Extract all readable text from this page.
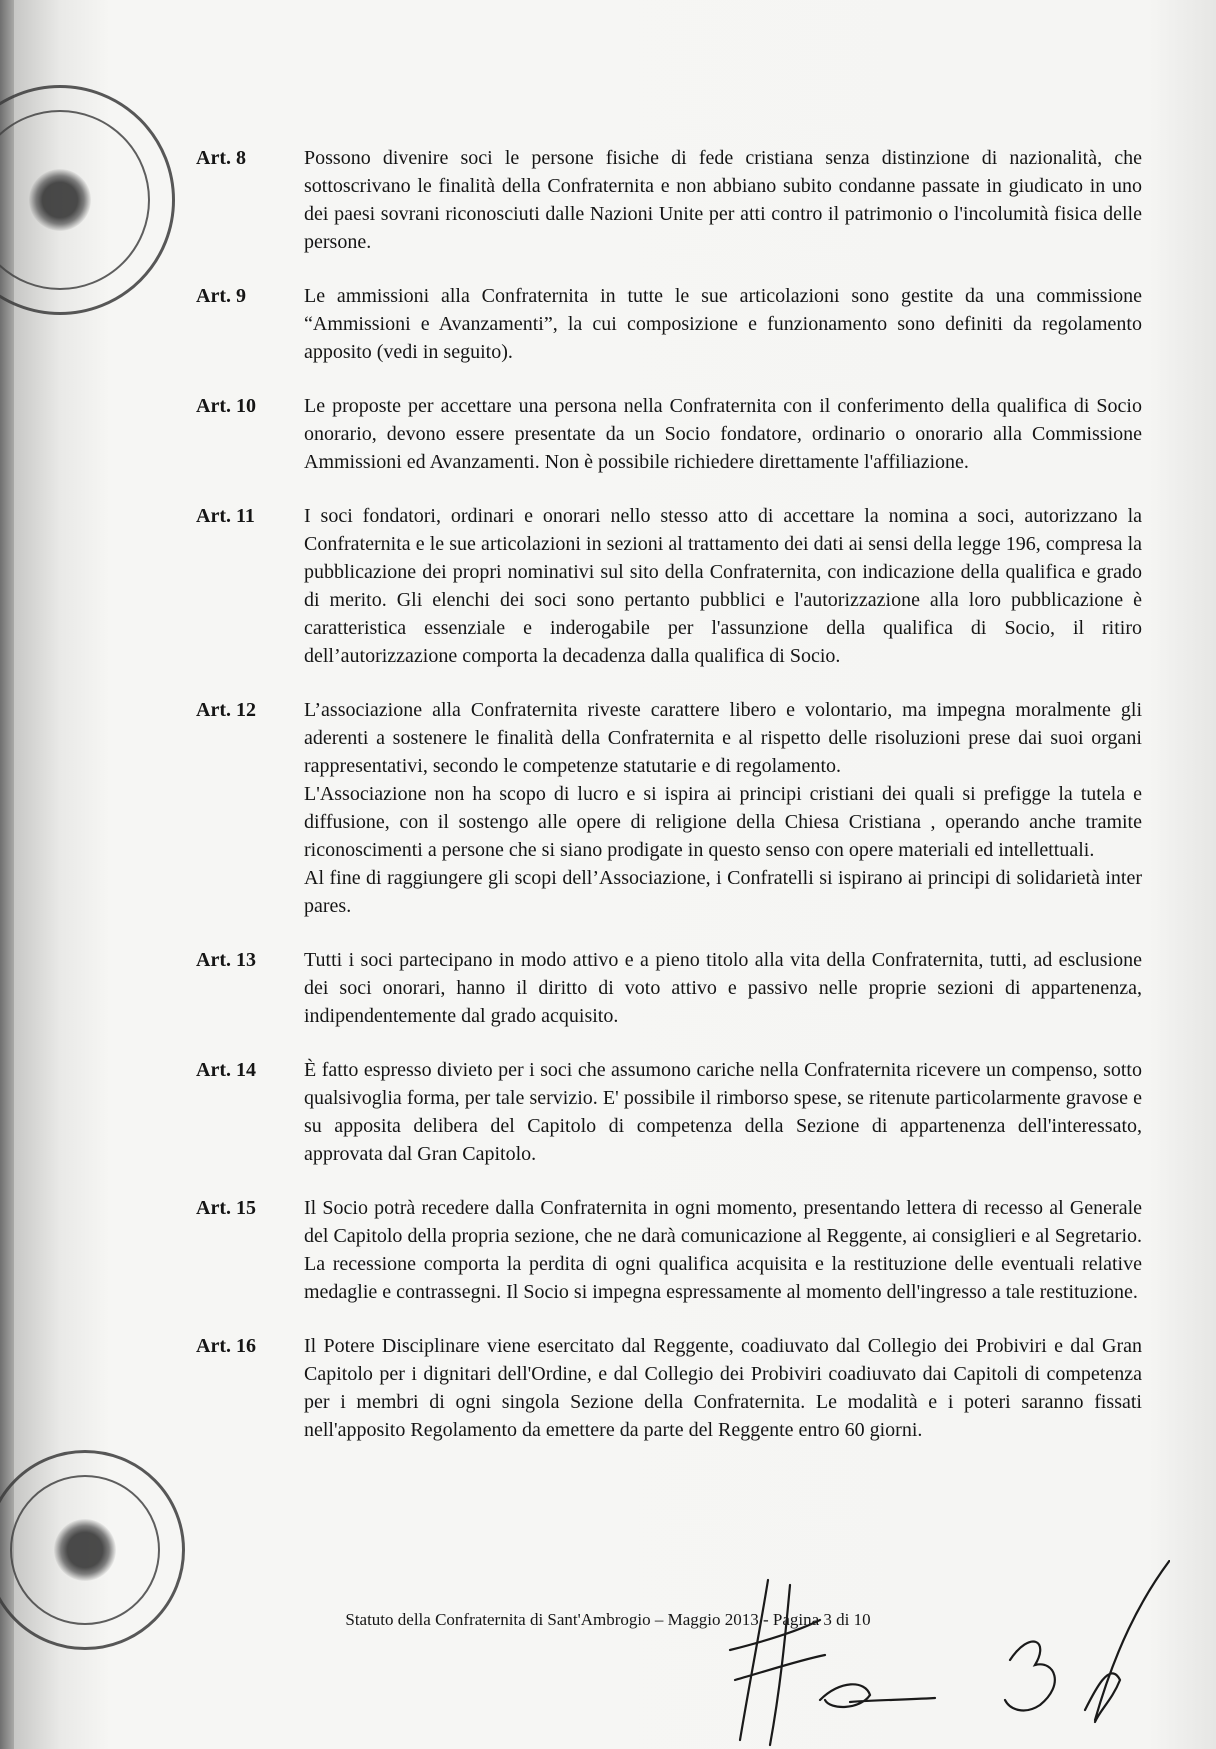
Art. 8	Possono divenire soci le persone fisiche di fede cristiana senza distinzione di nazionalità, che sottoscrivano le finalità della Confraternita e non abbiano subito condanne passate in giudicato in uno dei paesi sovrani riconosciuti dalle Nazioni Unite per atti contro il patrimonio o l'incolumità fisica delle persone.

Art. 9	Le ammissioni alla Confraternita in tutte le sue articolazioni sono gestite da una commissione “Ammissioni e Avanzamenti”, la cui composizione e funzionamento sono definiti da regolamento apposito (vedi in seguito).

Art. 10	Le proposte per accettare una persona nella Confraternita con il conferimento della qualifica di Socio onorario, devono essere presentate da un Socio fondatore, ordinario o onorario alla Commissione Ammissioni ed Avanzamenti. Non è possibile richiedere direttamente l'affiliazione.

Art. 11	I soci fondatori, ordinari e onorari nello stesso atto di accettare la nomina a soci, autorizzano la Confraternita e le sue articolazioni in sezioni al trattamento dei dati ai sensi della legge 196, compresa la pubblicazione dei propri nominativi sul sito della Confraternita, con indicazione della qualifica e grado di merito. Gli elenchi dei soci sono pertanto pubblici e l'autorizzazione alla loro pubblicazione è caratteristica essenziale e inderogabile per l'assunzione della qualifica di Socio, il ritiro dell’autorizzazione comporta la decadenza dalla qualifica di Socio.

Art. 12	L’associazione alla Confraternita riveste carattere libero e volontario, ma impegna moralmente gli aderenti a sostenere le finalità della Confraternita e al rispetto delle risoluzioni prese dai suoi organi rappresentativi, secondo le competenze statutarie e di regolamento.

L'Associazione non ha scopo di lucro e si ispira ai principi cristiani dei quali si prefigge la tutela e diffusione, con il sostengo alle opere di religione della Chiesa Cristiana , operando anche tramite riconoscimenti a persone che si siano prodigate in questo senso con opere materiali ed intellettuali.

Al fine di raggiungere gli scopi dell’Associazione, i Confratelli si ispirano ai principi di solidarietà inter pares.

Art. 13	Tutti i soci partecipano in modo attivo e a pieno titolo alla vita della Confraternita, tutti, ad esclusione dei soci onorari, hanno il diritto di voto attivo e passivo nelle proprie sezioni di appartenenza, indipendentemente dal grado acquisito.

Art. 14	È fatto espresso divieto per i soci che assumono cariche nella Confraternita ricevere un compenso, sotto qualsivoglia forma, per tale servizio. E' possibile il rimborso spese, se ritenute particolarmente gravose e su apposita delibera del Capitolo di competenza della Sezione di appartenenza dell'interessato, approvata dal Gran Capitolo.

Art. 15	Il Socio potrà recedere dalla Confraternita in ogni momento, presentando lettera di recesso al Generale del Capitolo della propria sezione, che ne darà comunicazione al Reggente, ai consiglieri e al Segretario. La recessione comporta la perdita di ogni qualifica acquisita e la restituzione delle eventuali relative medaglie e contrassegni. Il Socio si impegna espressamente al momento dell'ingresso a tale restituzione.

Art. 16	Il Potere Disciplinare viene esercitato dal Reggente, coadiuvato dal Collegio dei Probiviri e dal Gran Capitolo per i dignitari dell'Ordine, e dal Collegio dei Probiviri coadiuvato dai Capitoli di competenza per i membri di ogni singola Sezione della Confraternita. Le modalità e i poteri saranno fissati nell'apposito Regolamento da emettere da parte del Reggente entro 60 giorni.

Statuto della Confraternita di Sant'Ambrogio – Maggio 2013 - Pagina 3 di 10
